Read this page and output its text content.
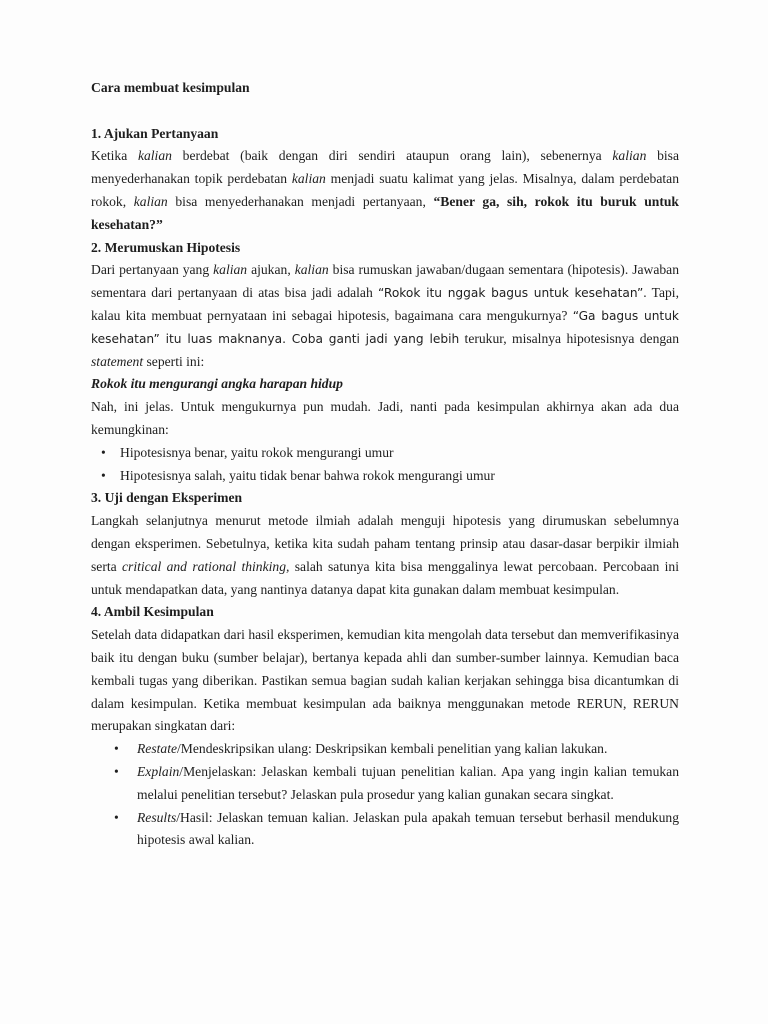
Cara membuat kesimpulan

1. Ajukan Pertanyaan

Ketika kalian berdebat (baik dengan diri sendiri ataupun orang lain), sebenernya kalian bisa menyederhanakan topik perdebatan kalian menjadi suatu kalimat yang jelas. Misalnya, dalam perdebatan rokok, kalian bisa menyederhanakan menjadi pertanyaan, “Bener ga, sih, rokok itu buruk untuk kesehatan?”

2. Merumuskan Hipotesis

Dari pertanyaan yang kalian ajukan, kalian bisa rumuskan jawaban/dugaan sementara (hipotesis). Jawaban sementara dari pertanyaan di atas bisa jadi adalah “Rokok itu nggak bagus untuk kesehatan”. Tapi, kalau kita membuat pernyataan ini sebagai hipotesis, bagaimana cara mengukurnya? “Ga bagus untuk kesehatan” itu luas maknanya. Coba ganti jadi yang lebih terukur, misalnya hipotesisnya dengan statement seperti ini:

Rokok itu mengurangi angka harapan hidup

Nah, ini jelas. Untuk mengukurnya pun mudah. Jadi, nanti pada kesimpulan akhirnya akan ada dua kemungkinan:

• Hipotesisnya benar, yaitu rokok mengurangi umur
• Hipotesisnya salah, yaitu tidak benar bahwa rokok mengurangi umur

3. Uji dengan Eksperimen

Langkah selanjutnya menurut metode ilmiah adalah menguji hipotesis yang dirumuskan sebelumnya dengan eksperimen. Sebetulnya, ketika kita sudah paham tentang prinsip atau dasar-dasar berpikir ilmiah serta critical and rational thinking, salah satunya kita bisa menggalinya lewat percobaan. Percobaan ini untuk mendapatkan data, yang nantinya datanya dapat kita gunakan dalam membuat kesimpulan.

4. Ambil Kesimpulan

Setelah data didapatkan dari hasil eksperimen, kemudian kita mengolah data tersebut dan memverifikasinya baik itu dengan buku (sumber belajar), bertanya kepada ahli dan sumber-sumber lainnya. Kemudian baca kembali tugas yang diberikan. Pastikan semua bagian sudah kalian kerjakan sehingga bisa dicantumkan di dalam kesimpulan. Ketika membuat kesimpulan ada baiknya menggunakan metode RERUN, RERUN merupakan singkatan dari:

• Restate/Mendeskripsikan ulang: Deskripsikan kembali penelitian yang kalian lakukan.
• Explain/Menjelaskan: Jelaskan kembali tujuan penelitian kalian. Apa yang ingin kalian temukan melalui penelitian tersebut? Jelaskan pula prosedur yang kalian gunakan secara singkat.
• Results/Hasil: Jelaskan temuan kalian. Jelaskan pula apakah temuan tersebut berhasil mendukung hipotesis awal kalian.
